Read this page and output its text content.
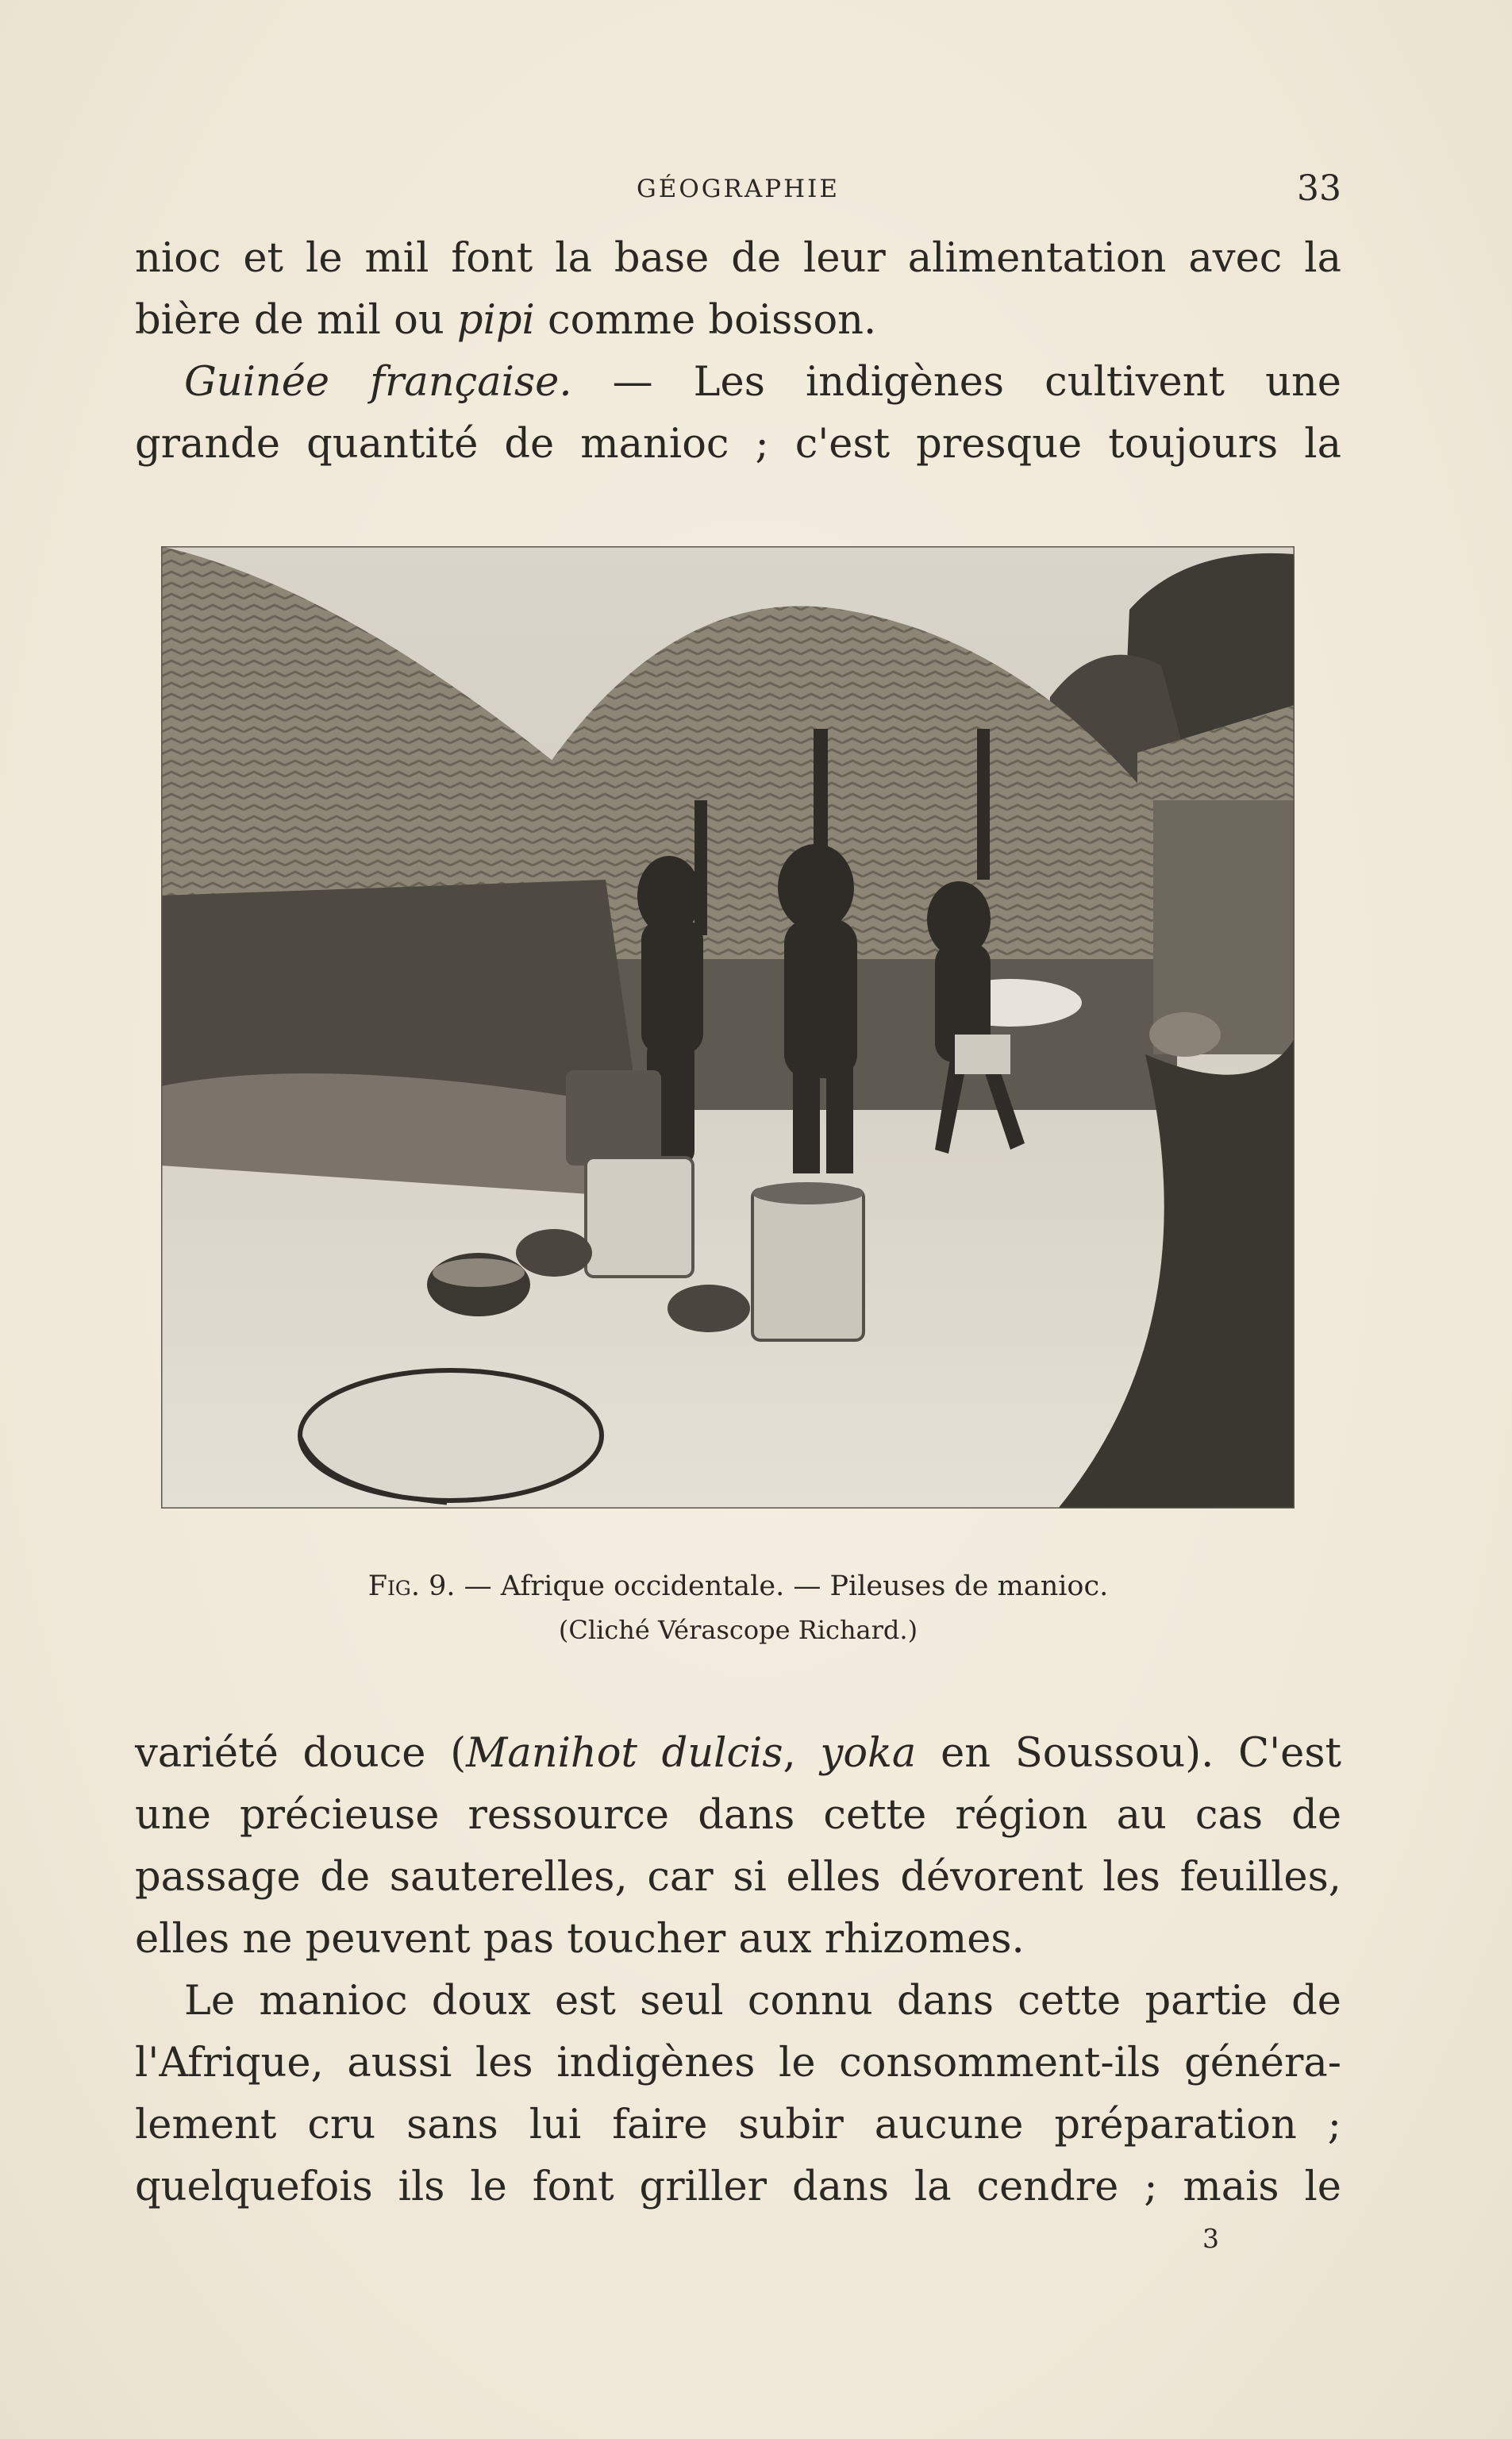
GÉOGRAPHIE	33
nioc et le mil font la base de leur alimentation avec la
bière de mil ou pipi comme boisson.
Guinée française. — Les indigènes cultivent une
grande quantité de manioc ; c'est presque toujours la
Fig. 9. — Afrique occidentale. — Pileuses de manioc.
(Cliché Vérascope Richard.)
variété douce (Manihot dulcis, yoka en Soussou). C'est
une précieuse ressource dans cette région au cas de
passage de sauterelles, car si elles dévorent les feuilles,
elles ne peuvent pas toucher aux rhizomes.
Le manioc doux est seul connu dans cette partie de
l'Afrique, aussi les indigènes le consomment-ils généra-
lement cru sans lui faire subir aucune préparation ;
quelquefois ils le font griller dans la cendre ; mais le
3
